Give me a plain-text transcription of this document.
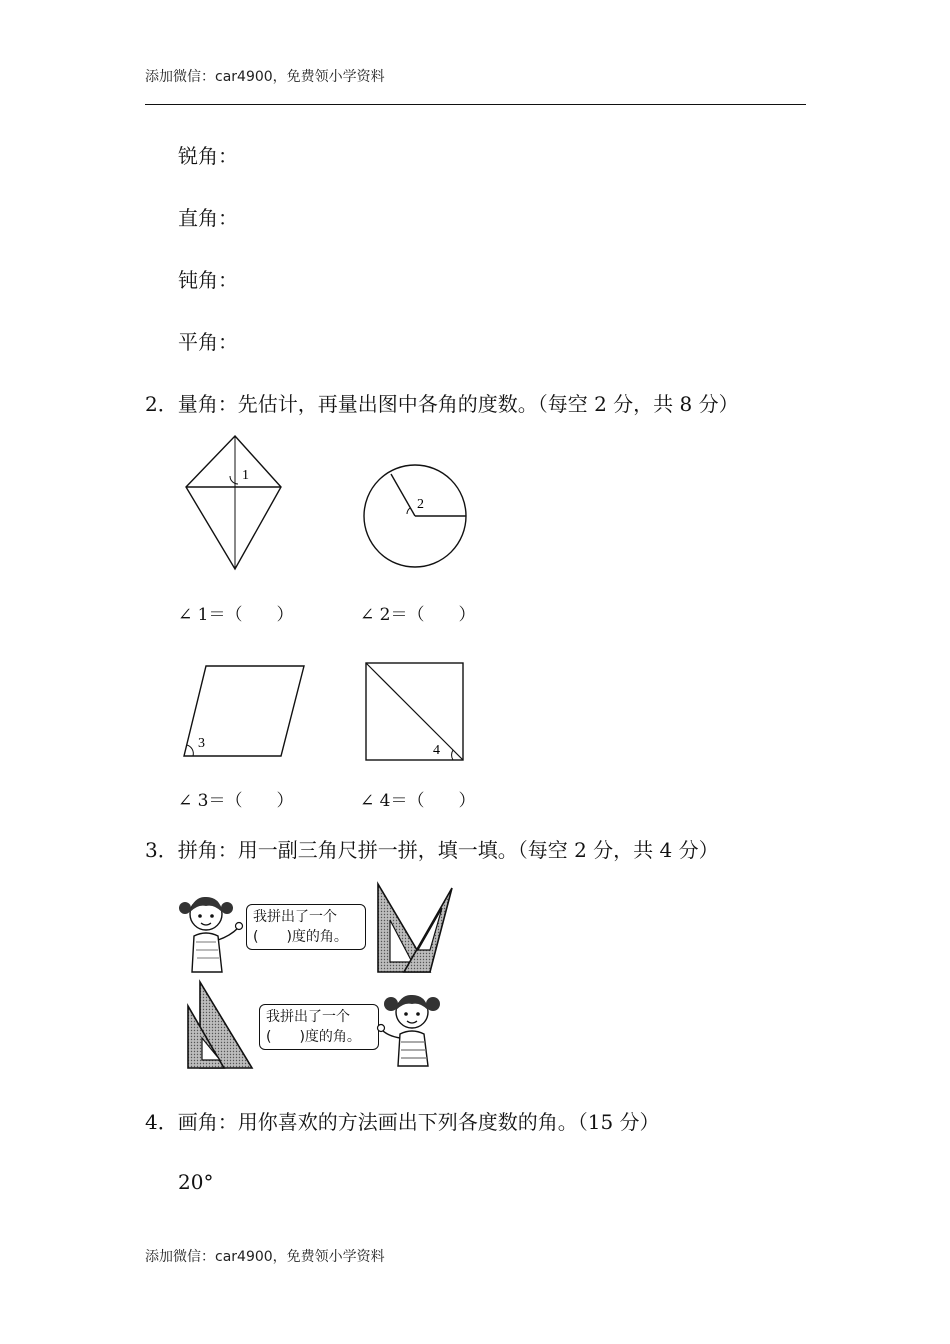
添加微信：car4900，免费领小学资料
锐角：
直角：
钝角：
平角：
2．量角：先估计，再量出图中各角的度数。（每空 2 分，共 8 分）
1
∠ 1＝（　　）
2
∠ 2＝（　　）
3
∠ 3＝（　　）
4
∠ 4＝（　　）
3．拼角：用一副三角尺拼一拼，填一填。（每空 2 分，共 4 分）
我拼出了一个
(　　)度的角。
我拼出了一个
(　　)度的角。
4．画角：用你喜欢的方法画出下列各度数的角。（15 分）
20°
添加微信：car4900，免费领小学资料
